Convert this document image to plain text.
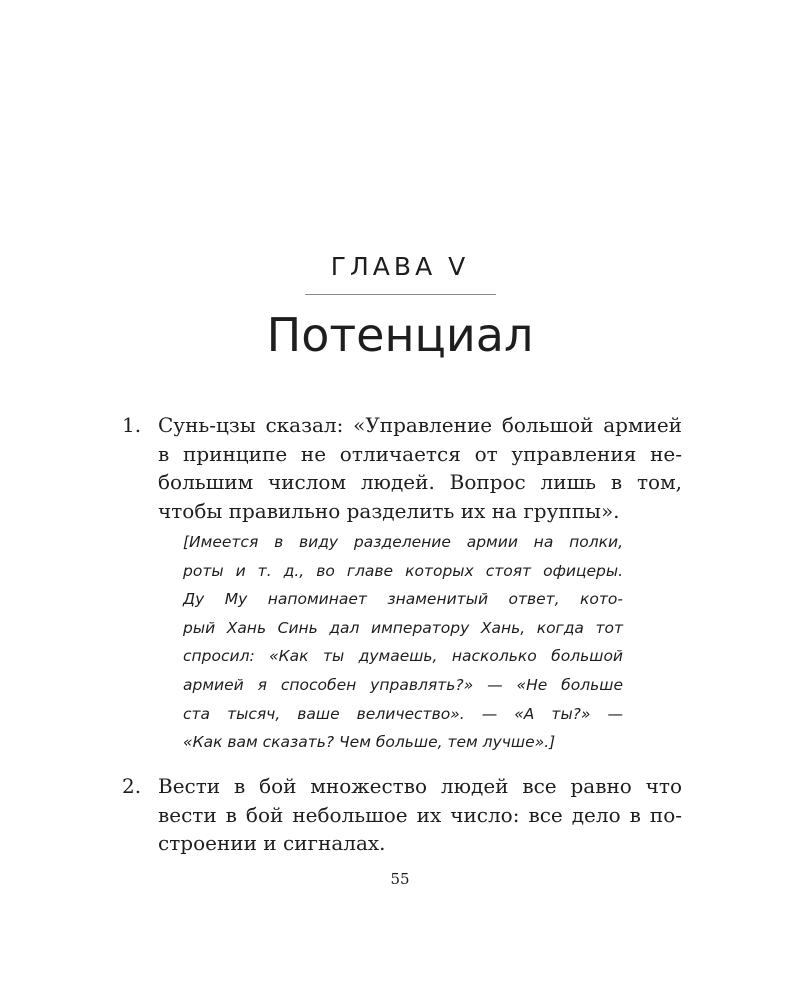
ГЛАВА V
Потенциал
1. Сунь-цзы сказал: «Управление большой армией
в принципе не отличается от управления не-
большим числом людей. Вопрос лишь в том,
чтобы правильно разделить их на группы».
[Имеется в виду разделение армии на полки,
роты и т. д., во главе которых стоят офицеры.
Ду Му напоминает знаменитый ответ, кото-
рый Хань Синь дал императору Хань, когда тот
спросил: «Как ты думаешь, насколько большой
армией я способен управлять?» — «Не больше
ста тысяч, ваше величество». — «А ты?» —
«Как вам сказать? Чем больше, тем лучше».]
2. Вести в бой множество людей все равно что
вести в бой небольшое их число: все дело в по-
строении и сигналах.
55
